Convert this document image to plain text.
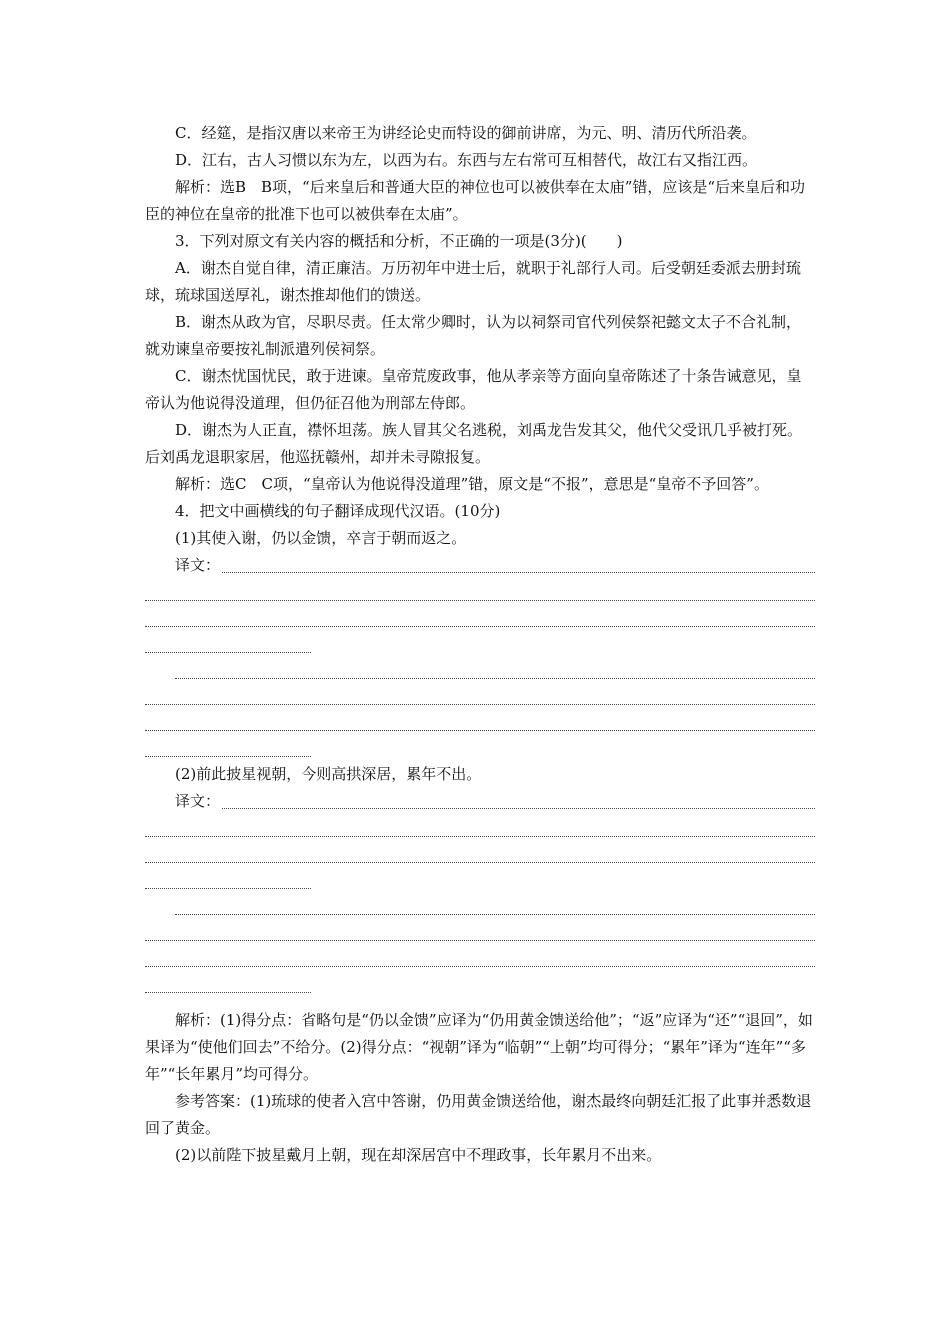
C．经筵，是指汉唐以来帝王为讲经论史而特设的御前讲席，为元、明、清历代所沿袭。

D．江右，古人习惯以东为左，以西为右。东西与左右常可互相替代，故江右又指江西。

解析：选B　B项，“后来皇后和普通大臣的神位也可以被供奉在太庙”错，应该是“后来皇后和功臣的神位在皇帝的批准下也可以被供奉在太庙”。

3．下列对原文有关内容的概括和分析，不正确的一项是(3分)(　　)

A．谢杰自觉自律，清正廉洁。万历初年中进士后，就职于礼部行人司。后受朝廷委派去册封琉球，琉球国送厚礼，谢杰推却他们的馈送。

B．谢杰从政为官，尽职尽责。任太常少卿时，认为以祠祭司官代列侯祭祀懿文太子不合礼制，就劝谏皇帝要按礼制派遣列侯祠祭。

C．谢杰忧国忧民，敢于进谏。皇帝荒废政事，他从孝亲等方面向皇帝陈述了十条告诫意见，皇帝认为他说得没道理，但仍征召他为刑部左侍郎。

D．谢杰为人正直，襟怀坦荡。族人冒其父名逃税，刘禹龙告发其父，他代父受讯几乎被打死。后刘禹龙退职家居，他巡抚赣州，却并未寻隙报复。

解析：选C　C项，“皇帝认为他说得没道理”错，原文是“不报”，意思是“皇帝不予回答”。

4．把文中画横线的句子翻译成现代汉语。(10分)

(1)其使入谢，仍以金馈，卒言于朝而返之。

译文：

(2)前此披星视朝，今则高拱深居，累年不出。

译文：

解析：(1)得分点：省略句是“仍以金馈”应译为“仍用黄金馈送给他”；“返”应译为“还”“退回”，如果译为“使他们回去”不给分。(2)得分点：“视朝”译为“临朝”“上朝”均可得分；“累年”译为“连年”“多年”“长年累月”均可得分。

参考答案：(1)琉球的使者入宫中答谢，仍用黄金馈送给他，谢杰最终向朝廷汇报了此事并悉数退回了黄金。

(2)以前陛下披星戴月上朝，现在却深居宫中不理政事，长年累月不出来。
